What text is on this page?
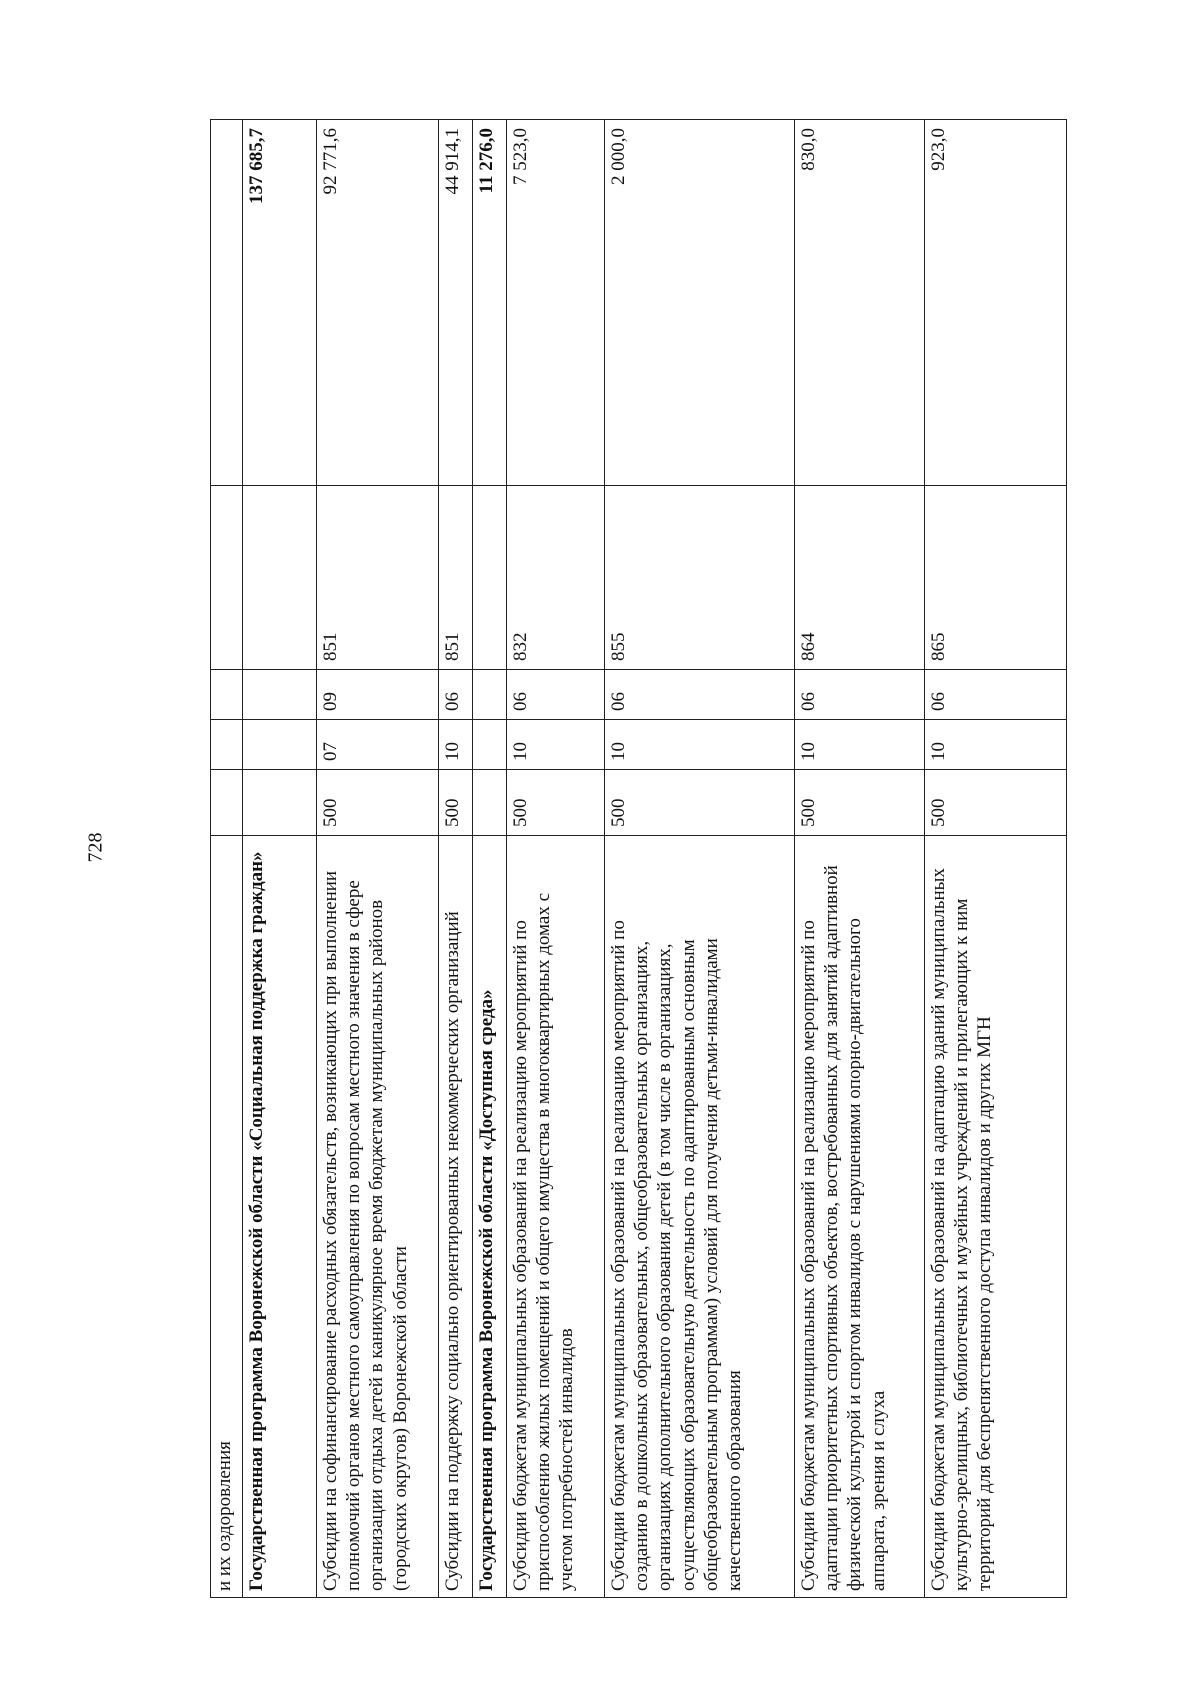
728
и их оздоровления					
Государственная программа Воронежской области «Социальная поддержка граждан»					137 685,7
Субсидии на софинансирование расходных обязательств, возникающих при выполнении полномочий органов местного самоуправления по вопросам местного значения в сфере организации отдыха детей в каникулярное время бюджетам муниципальных районов (городских округов) Воронежской области	500	07	09	851	92 771,6
Субсидии на поддержку социально ориентированных некоммерческих организаций	500	10	06	851	44 914,1
Государственная программа Воронежской области «Доступная среда»					11 276,0
Субсидии бюджетам муниципальных образований на реализацию мероприятий по приспособлению жилых помещений и общего имущества в многоквартирных домах с учетом потребностей инвалидов	500	10	06	832	7 523,0
Субсидии бюджетам муниципальных образований на реализацию мероприятий по созданию в дошкольных образовательных, общеобразовательных организациях, организациях дополнительного образования детей (в том числе в организациях, осуществляющих образовательную деятельность по адаптированным основным общеобразовательным программам) условий для получения детьми-инвалидами качественного образования	500	10	06	855	2 000,0
Субсидии бюджетам муниципальных образований на реализацию мероприятий по адаптации приоритетных спортивных объектов, востребованных для занятий адаптивной физической культурой и спортом инвалидов с нарушениями опорно-двигательного аппарата, зрения и слуха	500	10	06	864	830,0
Субсидии бюджетам муниципальных образований на адаптацию зданий муниципальных культурно-зрелищных, библиотечных и музейных учреждений и прилегающих к ним территорий для беспрепятственного доступа инвалидов и других МГН	500	10	06	865	923,0
